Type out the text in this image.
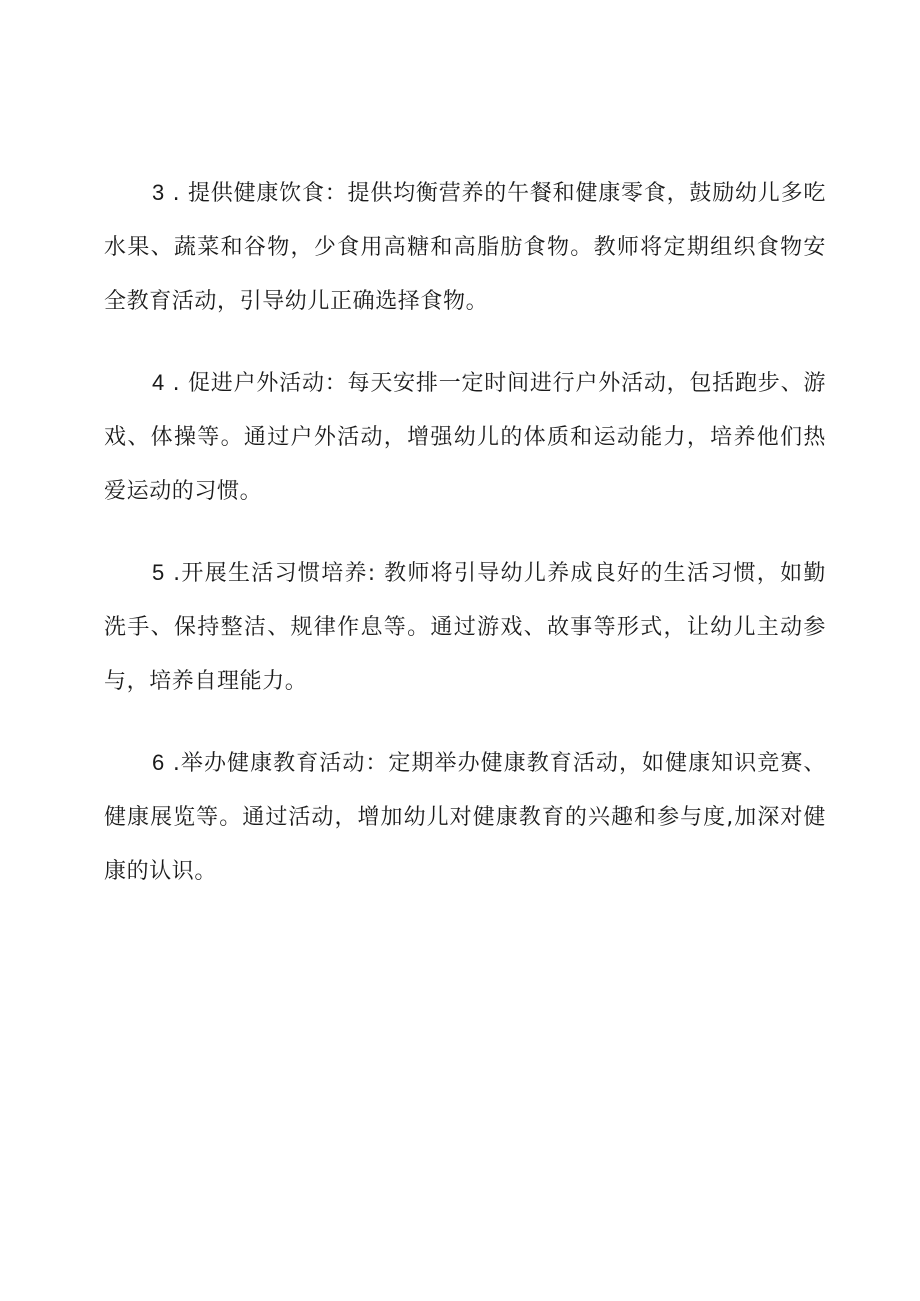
3 . 提供健康饮食：提供均衡营养的午餐和健康零食，鼓励幼儿多吃水果、蔬菜和谷物，少食用高糖和高脂肪食物。教师将定期组织食物安全教育活动，引导幼儿正确选择食物。

4 . 促进户外活动：每天安排一定时间进行户外活动，包括跑步、游戏、体操等。通过户外活动，增强幼儿的体质和运动能力，培养他们热爱运动的习惯。

5 .开展生活习惯培养: 教师将引导幼儿养成良好的生活习惯，如勤洗手、保持整洁、规律作息等。通过游戏、故事等形式，让幼儿主动参与，培养自理能力。

6 .举办健康教育活动：定期举办健康教育活动，如健康知识竞赛、健康展览等。通过活动，增加幼儿对健康教育的兴趣和参与度,加深对健康的认识。
